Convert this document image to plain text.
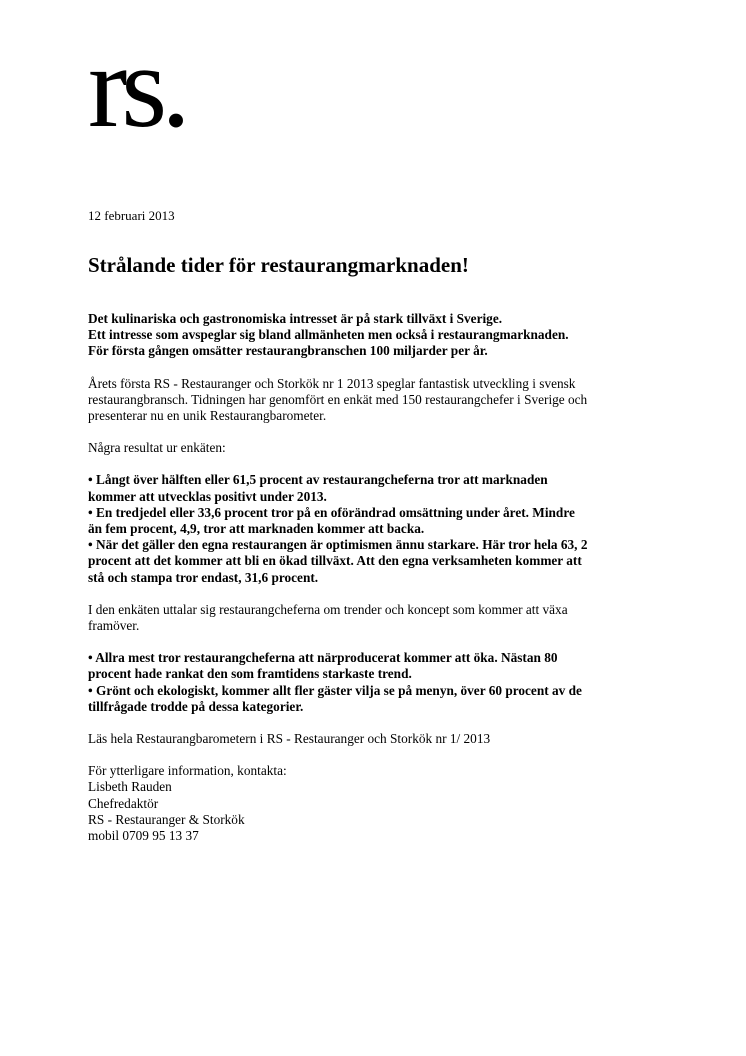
rs.
12 februari 2013
Strålande tider för restaurangmarknaden!

Det kulinariska och gastronomiska intresset är på stark tillväxt i Sverige.
Ett intresse som avspeglar sig bland allmänheten men också i restaurangmarknaden.
För första gången omsätter restaurangbranschen 100 miljarder per år.

Årets första RS - Restauranger och Storkök nr 1 2013 speglar fantastisk utveckling i svensk
restaurangbransch. Tidningen har genomfört en enkät med 150 restaurangchefer i Sverige och
presenterar nu en unik Restaurangbarometer.

Några resultat ur enkäten:

• Långt över hälften eller 61,5 procent av restaurangcheferna tror att marknaden
kommer att utvecklas positivt under 2013.
• En tredjedel eller 33,6 procent tror på en oförändrad omsättning under året. Mindre
än fem procent, 4,9, tror att marknaden kommer att backa.
• När det gäller den egna restaurangen är optimismen ännu starkare. Här tror hela 63, 2
procent att det kommer att bli en ökad tillväxt. Att den egna verksamheten kommer att
stå och stampa tror endast, 31,6 procent.

I den enkäten uttalar sig restaurangcheferna om trender och koncept som kommer att växa
framöver.

• Allra mest tror restaurangcheferna att närproducerat kommer att öka. Nästan 80
procent hade rankat den som framtidens starkaste trend.
• Grönt och ekologiskt, kommer allt fler gäster vilja se på menyn, över 60 procent av de
tillfrågade trodde på dessa kategorier.

Läs hela Restaurangbarometern i RS - Restauranger och Storkök nr 1/ 2013

För ytterligare information, kontakta:
Lisbeth Rauden
Chefredaktör
RS - Restauranger & Storkök
mobil 0709 95 13 37
